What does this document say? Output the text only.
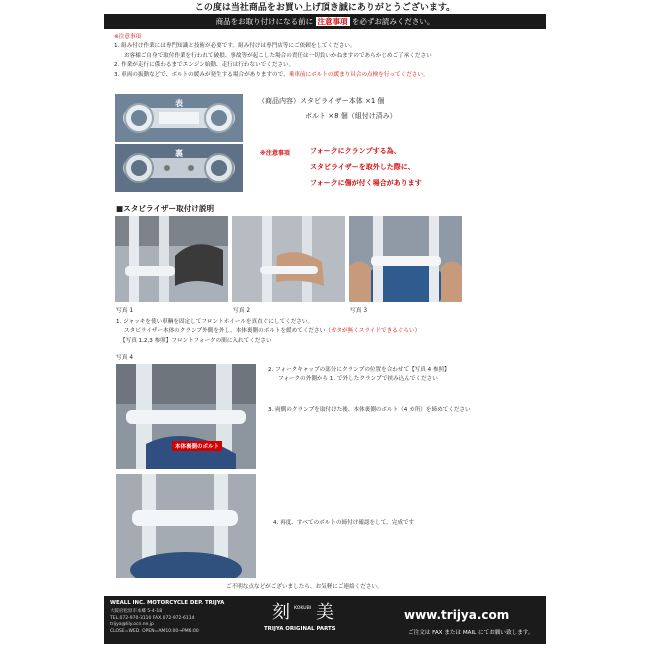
この度は当社商品をお買い上げ頂き誠にありがとうございます。
商品をお取り付けになる前に 注意事項 を必ずお読みください。
※注意事項
1. 組み付け作業には専門知識と技術が必要です。組み付けは専門店等にご依頼をしてください。
お客様ご自身で取付作業を行われて破損、事故等が起こした場合の責任は一切負いかねますのであらかじめご了承ください
2. 作業が走行に係わるまでエンジン始動、走行は行わないでください。
3. 車両の振動などで、ボルトの緩みが発生する場合がありますので、乗車前にボルトの緩まり具合の点検を行ってください。
表
裏
（商品内容）スタビライザー本体 ×1 個
ボルト ×8 個（組付け済み）
※注意事項	フォークにクランプする為、
スタビライザーを取外した際に、
フォークに傷が付く場合があります
■スタビライザー取付け説明
写真 1	写真 2	写真 3
1. ジャッキを使い車輌を固定してフロントホイールを真直ぐにしてください。
スタビライザー本体のクランプ外側を外し、本体裏側のボルトを緩めてください（ガタが無くスライドできるぐらい）
【写真 1,2,3 参照】フロントフォークの間に入れてください
写真 4
本体裏側のボルト
2. フォークキャップの部分にクランプの位置を合わせて【写真 4 参照】
フォークの外側から 1. で外したクランプで挟み込んでください
3. 両側のクランプを取付けた後、本体裏側のボルト（4 カ所）を締めてください
4. 再度、すべてのボルトの締付け確認をして、完成です
ご不明な点などがございましたら、お気軽にご連絡ください。
WEALL INC. MOTORCYCLE DEP. TRIJYA
大阪府松原市本郷 5-4-18
TEL.072-970-3110 FAX.072-972-6114
trijya@lily.ocn.ne.jp
CLOSE=WED. OPEN=AM10:00→PM6:00
刻 KOKUBI 美
TRIJYA ORIGINAL PARTS
www.trijya.com
ご注文は FAX または MAIL にてお願い致します。
